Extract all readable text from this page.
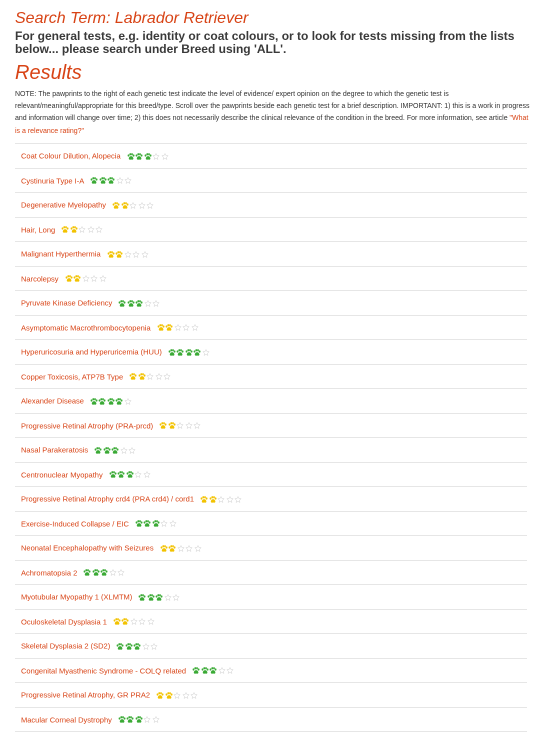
Search Term: Labrador Retriever

For general tests, e.g. identity or coat colours, or to look for tests missing from the lists below... please search under Breed using 'ALL'.

Results

NOTE: The pawprints to the right of each genetic test indicate the level of evidence/ expert opinion on the degree to which the genetic test is relevant/meaningful/appropriate for this breed/type. Scroll over the pawprints beside each genetic test for a brief description. IMPORTANT: 1) this is a work in progress and information will change over time; 2) this does not necessarily describe the clinical relevance of the condition in the breed. For more information, see article "What is a relevance rating?"

Coat Colour Dilution, Alopecia
Cystinuria Type I-A
Degenerative Myelopathy
Hair, Long
Malignant Hyperthermia
Narcolepsy
Pyruvate Kinase Deficiency
Asymptomatic Macrothrombocytopenia
Hyperuricosuria and Hyperuricemia (HUU)
Copper Toxicosis, ATP7B Type
Alexander Disease
Progressive Retinal Atrophy (PRA-prcd)
Nasal Parakeratosis
Centronuclear Myopathy
Progressive Retinal Atrophy crd4 (PRA crd4) / cord1
Exercise-Induced Collapse / EIC
Neonatal Encephalopathy with Seizures
Achromatopsia 2
Myotubular Myopathy 1 (XLMTM)
Oculoskeletal Dysplasia 1
Skeletal Dysplasia 2 (SD2)
Congenital Myasthenic Syndrome - COLQ related
Progressive Retinal Atrophy, GR PRA2
Macular Corneal Dystrophy
